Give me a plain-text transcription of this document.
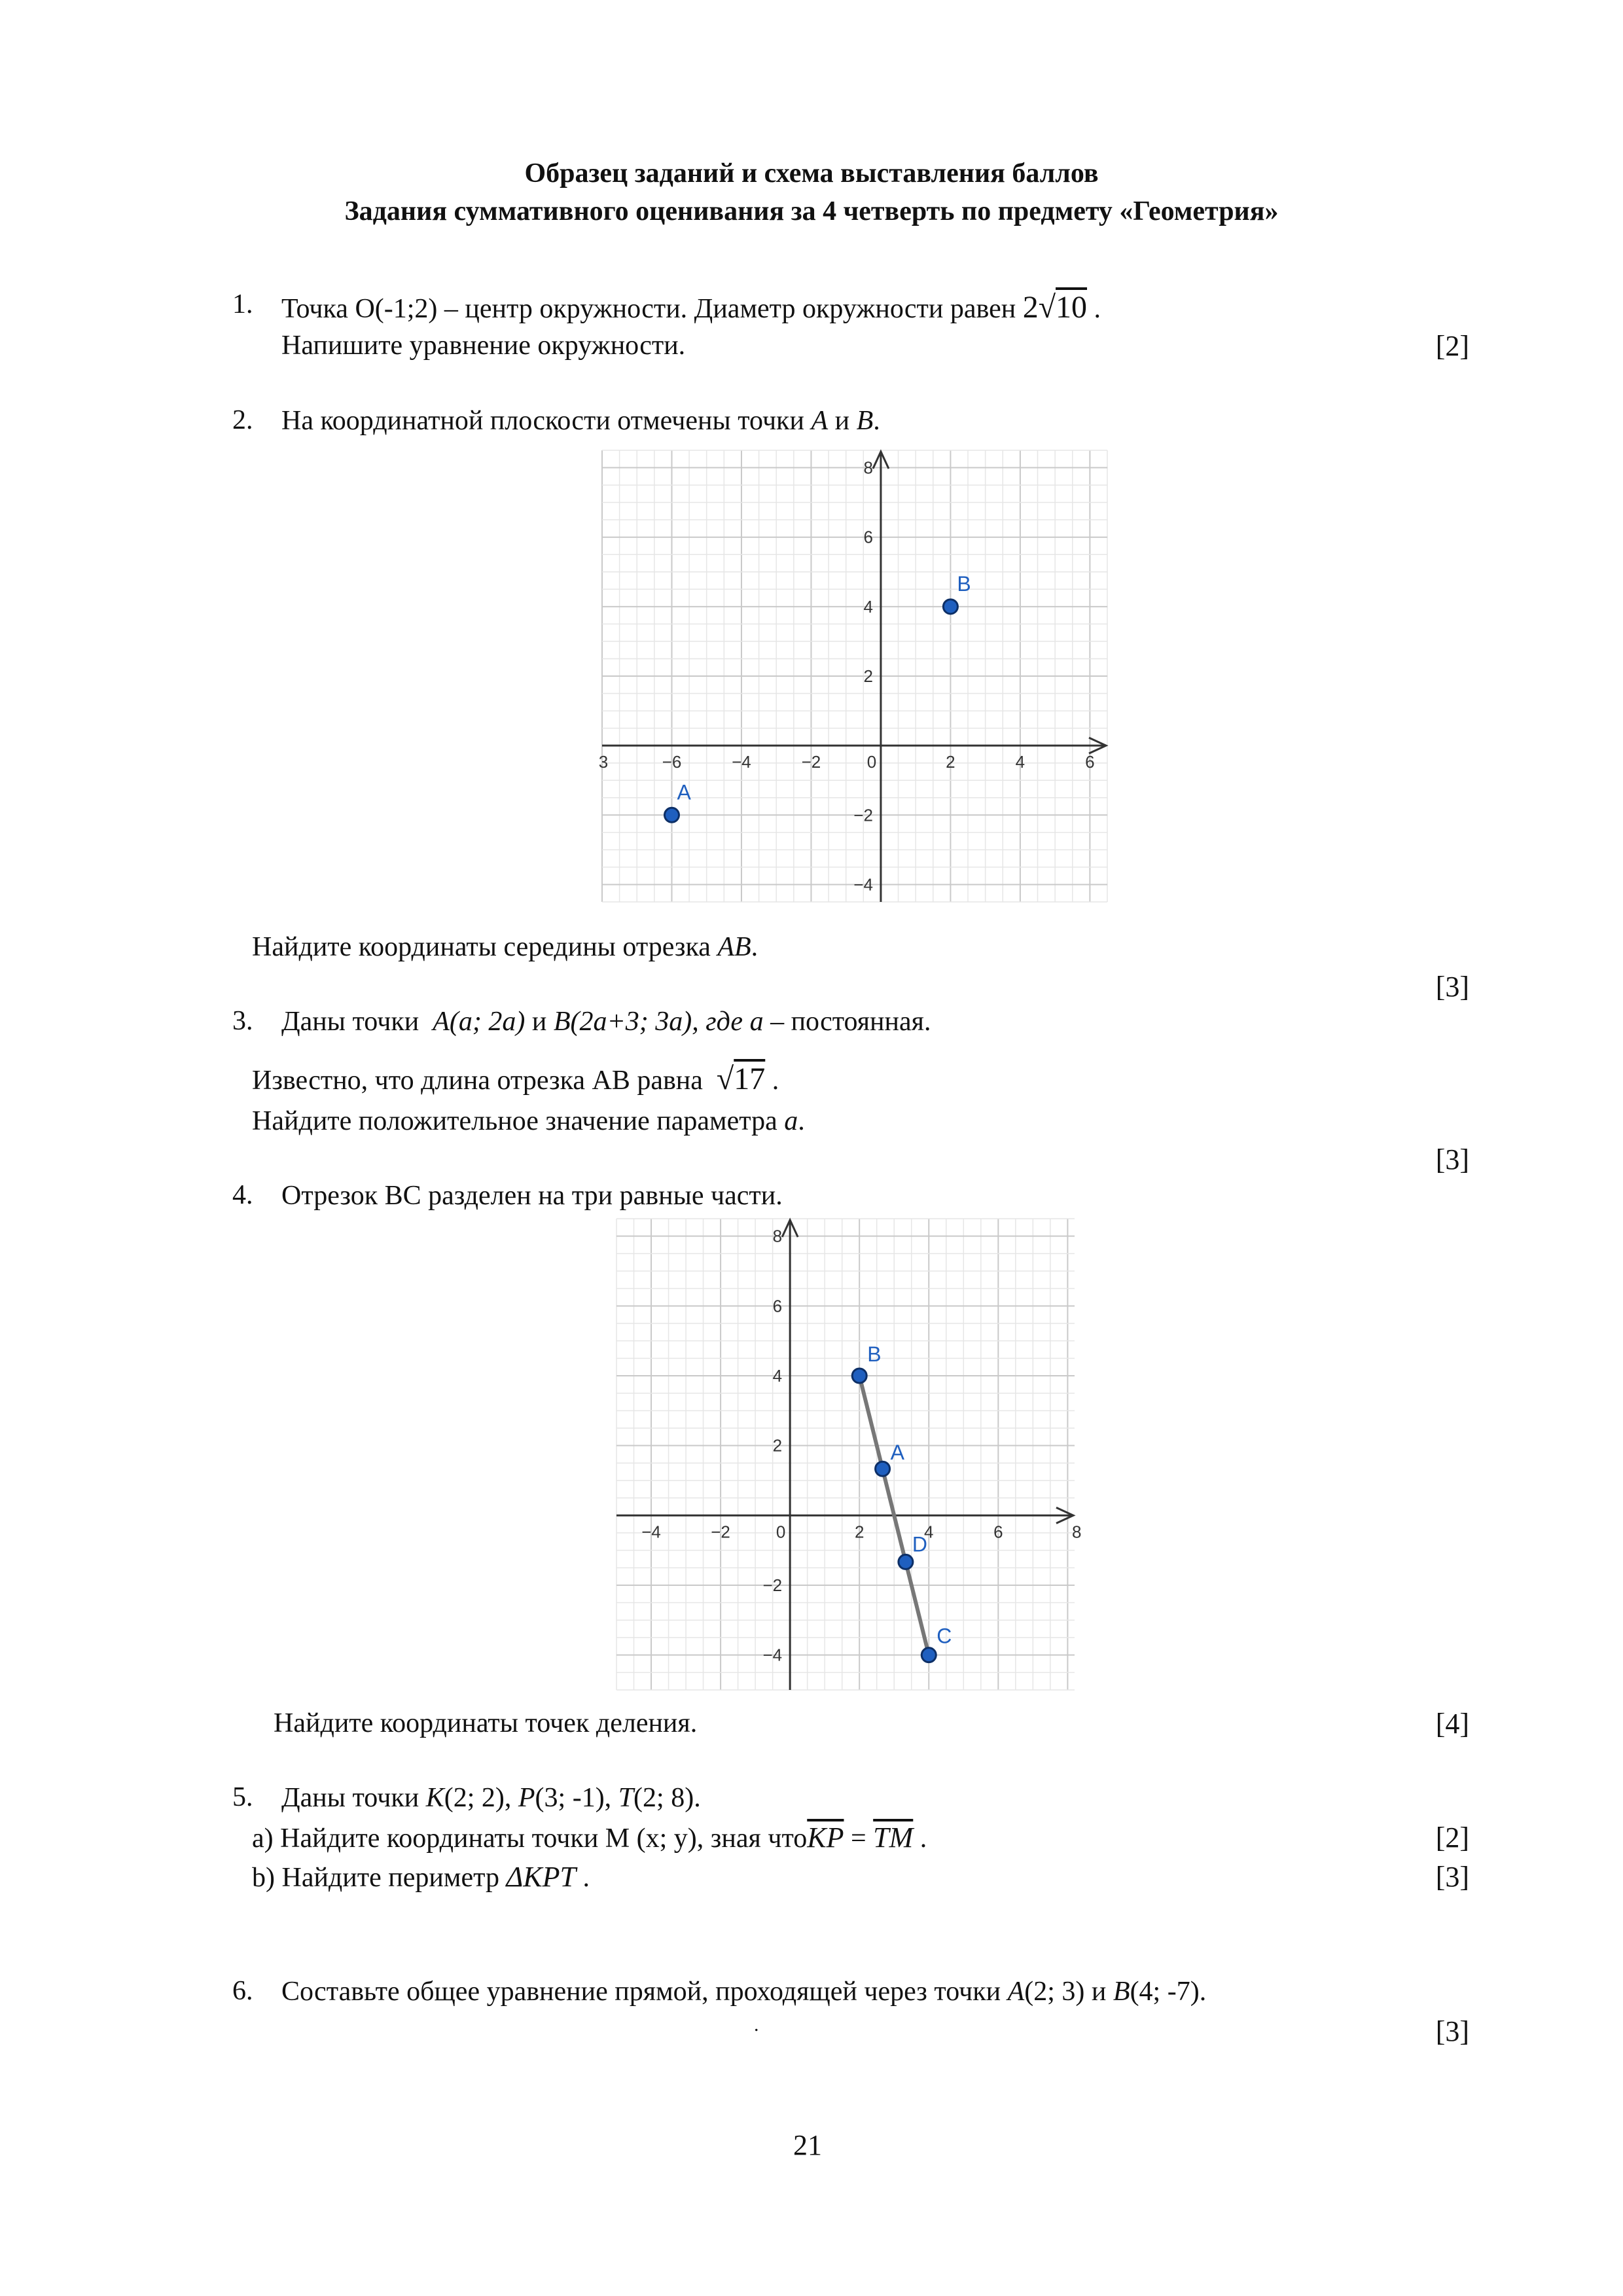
Образец заданий и схема выставления баллов
Задания суммативного оценивания за 4 четверть по предмету «Геометрия»
1. Точка O(-1;2) – центр окружности. Диаметр окружности равен 2√10 .
Напишите уравнение окружности.	[2]
2. На координатной плоскости отмечены точки A и B.
−6	−4	−2	0	2	4	6
8
6
4
2
−2
−4
3
B
A
Найдите координаты середины отрезка AB.
[3]
3. Даны точки A(a; 2a) и B(2a+3; 3a), где a – постоянная.
Известно, что длина отрезка AB равна √17 .
Найдите положительное значение параметра a.
[3]
4. Отрезок BC разделен на три равные части.
−4	−2	0	2	4	6
8
6
4
2
−2
−4
8
B
A
D
C
Найдите координаты точек деления.	[4]
5. Даны точки K(2; 2), P(3; -1), T(2; 8).
a) Найдите координаты точки M (x; y), зная $что\overline{KP} = \overline{TM}$ .	[2]
b) Найдите периметр ΔKPT .	[3]
6. Составьте общее уравнение прямой, проходящей через точки A(2; 3) и B(4; -7).
.	[3]
21
